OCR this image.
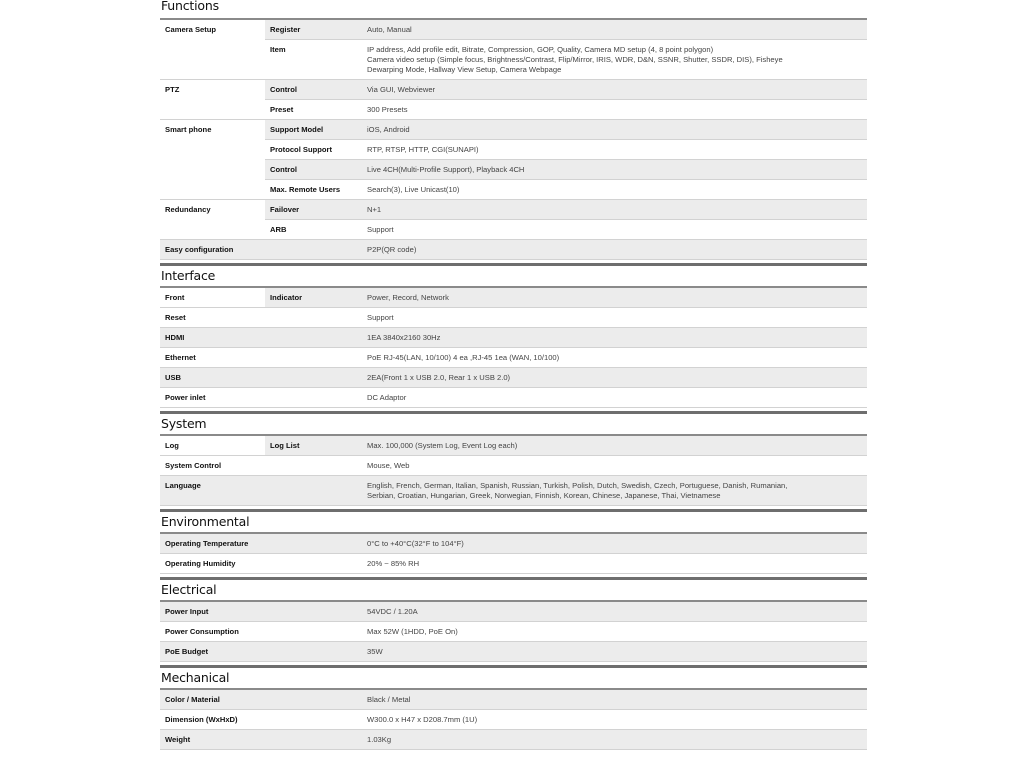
Functions
Camera Setup	Register	Auto, Manual
	Item	IP address, Add profile edit, Bitrate, Compression, GOP, Quality, Camera MD setup (4, 8 point polygon)
Camera video setup (Simple focus, Brightness/Contrast, Flip/Mirror, IRIS, WDR, D&N, SSNR, Shutter, SSDR, DIS), Fisheye
Dewarping Mode, Hallway View Setup, Camera Webpage

PTZ	Control	Via GUI, Webviewer
	Preset	300 Presets
Smart phone	Support Model	iOS, Android
	Protocol Support	RTP, RTSP, HTTP, CGI(SUNAPI)
	Control	Live 4CH(Multi-Profile Support), Playback 4CH
	Max. Remote Users	Search(3), Live Unicast(10)
Redundancy	Failover	N+1
	ARB	Support
Easy configuration		P2P(QR code)
Interface
Front	Indicator	Power, Record, Network
Reset		Support
HDMI		1EA 3840x2160 30Hz
Ethernet		PoE RJ-45(LAN, 10/100) 4 ea ,RJ-45 1ea (WAN, 10/100)
USB		2EA(Front 1 x USB 2.0, Rear 1 x USB 2.0)
Power inlet		DC Adaptor
System
Log	Log List	Max. 100,000 (System Log, Event Log each)
System Control		Mouse, Web
Language		English, French, German, Italian, Spanish, Russian, Turkish, Polish, Dutch, Swedish, Czech, Portuguese, Danish, Rumanian,
Serbian, Croatian, Hungarian, Greek, Norwegian, Finnish, Korean, Chinese, Japanese, Thai, Vietnamese
Environmental
Operating Temperature		0°C to +40°C(32°F to 104°F)
Operating Humidity		20% ~ 85% RH
Electrical
Power Input		54VDC / 1.20A
Power Consumption		Max 52W (1HDD, PoE On)
PoE Budget		35W
Mechanical
Color / Material		Black / Metal
Dimension (WxHxD)		W300.0 x H47 x D208.7mm (1U)
Weight		1.03Kg
